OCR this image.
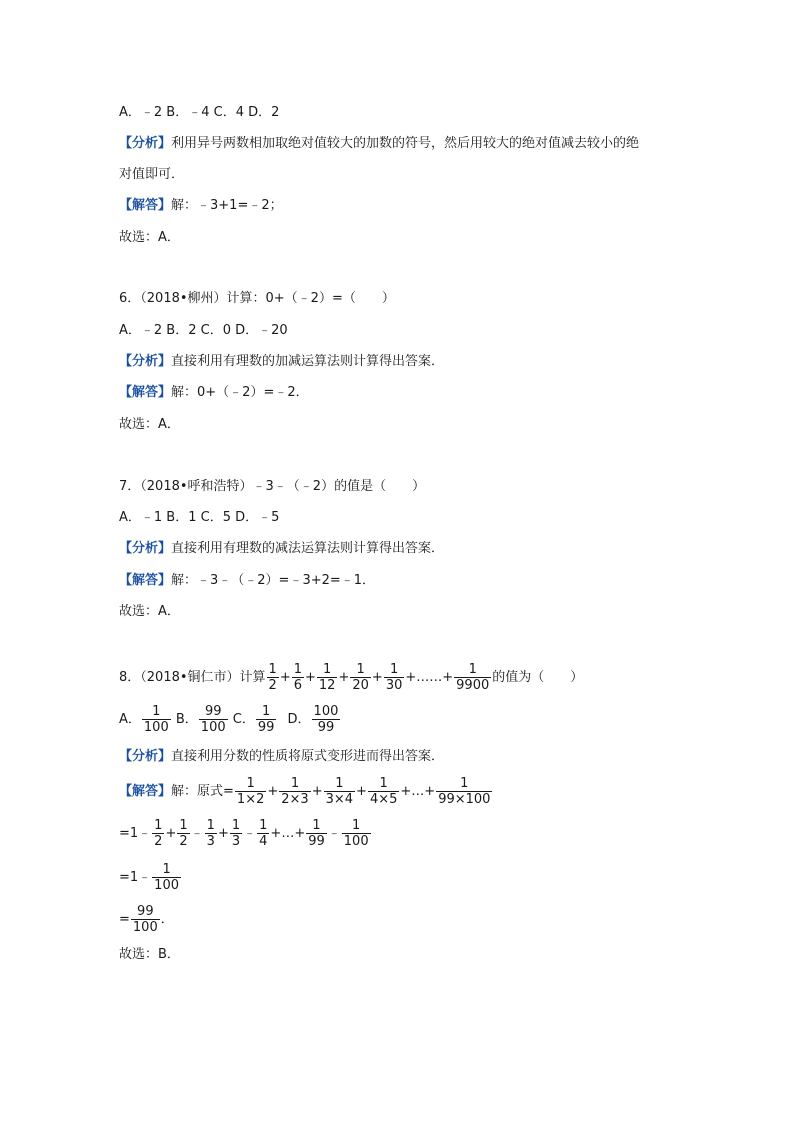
A．﹣2 B．﹣4 C．4 D．2
【分析】利用异号两数相加取绝对值较大的加数的符号，然后用较大的绝对值减去较小的绝
对值即可．
【解答】解：﹣3+1=﹣2；
故选：A．
6．（2018•柳州）计算：0+（﹣2）=（　　）
A．﹣2 B．2 C．0 D．﹣20
【分析】直接利用有理数的加减运算法则计算得出答案．
【解答】解：0+（﹣2）=﹣2．
故选：A．
7．（2018•呼和浩特）﹣3﹣（﹣2）的值是（　　）
A．﹣1 B．1 C．5 D．﹣5
【分析】直接利用有理数的减法运算法则计算得出答案．
【解答】解：﹣3﹣（﹣2）=﹣3+2=﹣1．
故选：A．
8．（2018•铜仁市）计算 $\frac{1}{2} + \frac{1}{6} + \frac{1}{12} + \frac{1}{20} + \frac{1}{30}$ +……+ $\frac{1}{9900}$ 的值为（　　）
A． $\frac{1}{100}$ B． $\frac{99}{100}$ C． $\frac{1}{99}$ D． $\frac{100}{99}$
【分析】直接利用分数的性质将原式变形进而得出答案．
【解答】解：原式= $\frac{1}{1\times 2} + \frac{1}{2\times 3} + \frac{1}{3\times 4} + \frac{1}{4\times 5}$ +…+ $\frac{1}{99\times 100}$
=1﹣ $\frac{1}{2} + \frac{1}{2}$ ﹣ $\frac{1}{3} + \frac{1}{3}$ ﹣ $\frac{1}{4}$ +…+ $\frac{1}{99}$ ﹣ $\frac{1}{100}$
=1﹣ $\frac{1}{100}$
= $\frac{99}{100}$ ．
故选：B．
